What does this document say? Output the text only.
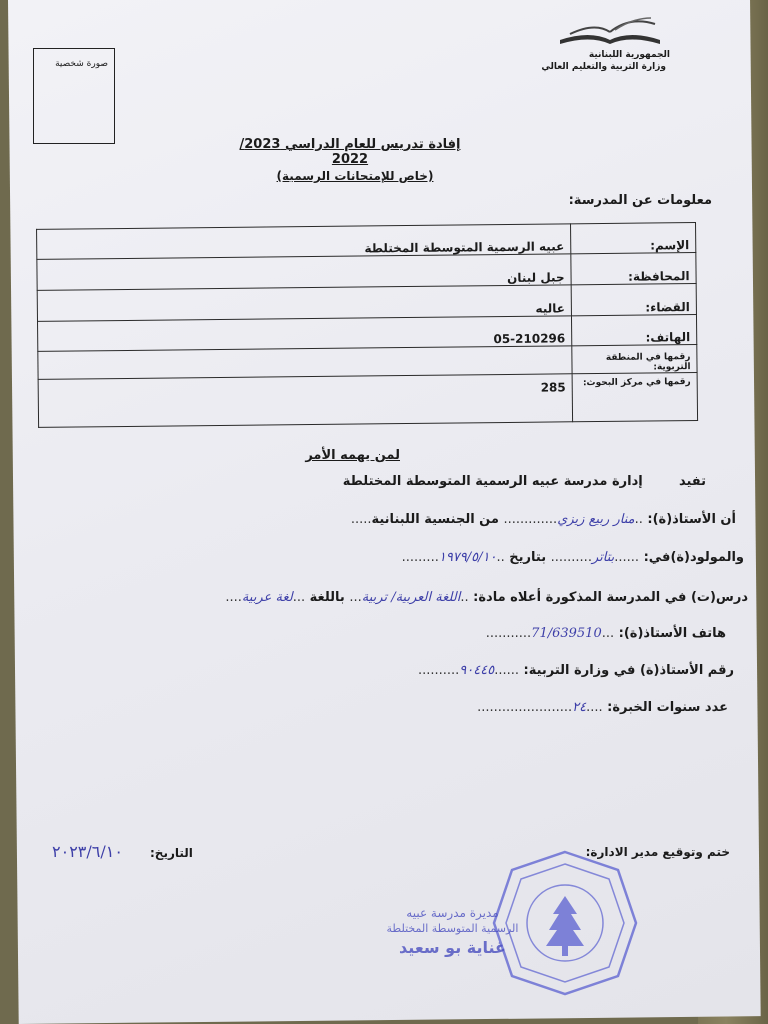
الجمهورية اللبنانية
وزارة التربية والتعليم العالي
صورة شخصية
إفادة تدريس للعام الدراسي 2023/ 2022
(خاص للإمتحانات الرسمية)
معلومات عن المدرسة:
الإسم:	عبيه الرسمية المتوسطة المختلطة
المحافظة:	جبل لبنان
القضاء:	عاليه
الهاتف:	05-210296
رقمها في المنطقة التربوية:	
رقمها في مركز البحوث:	285
لمن يهمه الأمر
تفيد        إدارة مدرسة عبيه الرسمية المتوسطة المختلطة
أن الأستاذ(ة): ..منار ربيع زيزي............. من الجنسية اللبنانية.....
والمولود(ة)في: ......بتاتر.......... بتاريخ ..١٩٧٩/٥/١٠.........
درس(ت) في المدرسة المذكورة أعلاه مادة: ..اللغة العربية/ تربية... باللغة ...لغة عربية....
هاتف الأستاذ(ة): ...71/639510...........
رقم الأستاذ(ة) في وزارة التربية: ......٩٠٤٤٥..........
عدد سنوات الخبرة: ....٢٤.......................
ختم وتوقيع مدير الادارة:
التاريخ:
٢٠٢٣/٦/١٠
مديرة مدرسة عبيه
الرسمية المتوسطة المختلطة
غناية بو سعيد
